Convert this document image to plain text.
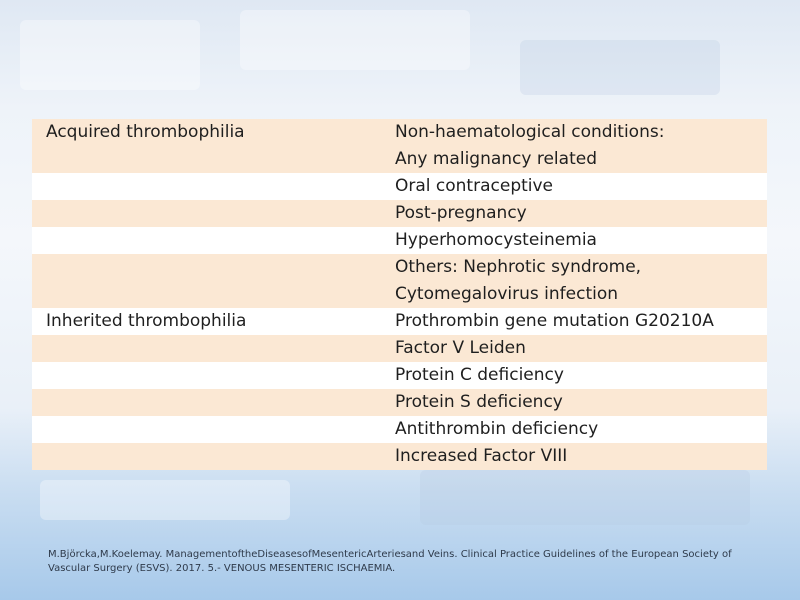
Acquired thrombophilia	Non-haematological conditions:
	Any malignancy related
	Oral contraceptive
	Post-pregnancy
	Hyperhomocysteinemia
	Others: Nephrotic syndrome,
	Cytomegalovirus infection
Inherited thrombophilia	Prothrombin gene mutation G20210A
	Factor V Leiden
	Protein C deficiency
	Protein S deficiency
	Antithrombin deficiency
	Increased Factor VIII
M.Björcka,M.Koelemay. ManagementoftheDiseasesofMesentericArteriesand Veins. Clinical Practice Guidelines of the European Society of
Vascular Surgery (ESVS). 2017. 5.- VENOUS MESENTERIC ISCHAEMIA.
